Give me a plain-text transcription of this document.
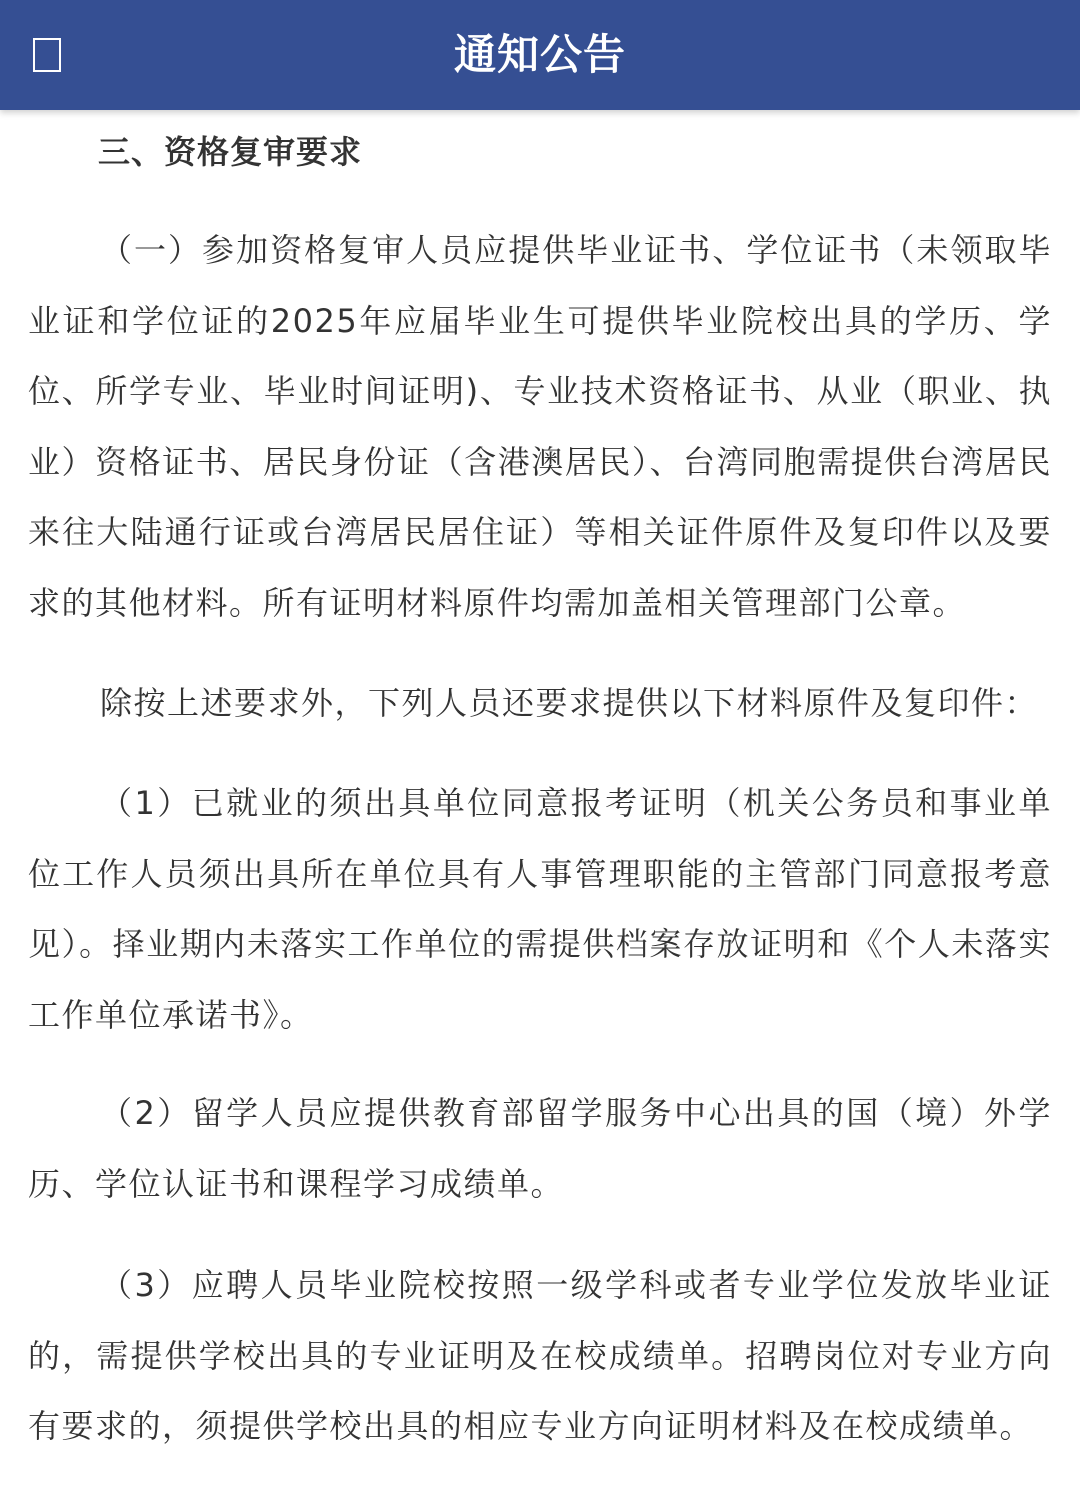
通知公告
三、资格复审要求

（一）参加资格复审人员应提供毕业证书、学位证书（未领取毕业证和学位证的2025年应届毕业生可提供毕业院校出具的学历、学位、所学专业、毕业时间证明)、专业技术资格证书、从业（职业、执业）资格证书、居民身份证（含港澳居民）、台湾同胞需提供台湾居民来往大陆通行证或台湾居民居住证）等相关证件原件及复印件以及要求的其他材料。所有证明材料原件均需加盖相关管理部门公章。

除按上述要求外，下列人员还要求提供以下材料原件及复印件：

（1）已就业的须出具单位同意报考证明（机关公务员和事业单位工作人员须出具所在单位具有人事管理职能的主管部门同意报考意见）。择业期内未落实工作单位的需提供档案存放证明和《个人未落实工作单位承诺书》。

（2）留学人员应提供教育部留学服务中心出具的国（境）外学历、学位认证书和课程学习成绩单。

（3）应聘人员毕业院校按照一级学科或者专业学位发放毕业证的，需提供学校出具的专业证明及在校成绩单。招聘岗位对专业方向有要求的，须提供学校出具的相应专业方向证明材料及在校成绩单。
